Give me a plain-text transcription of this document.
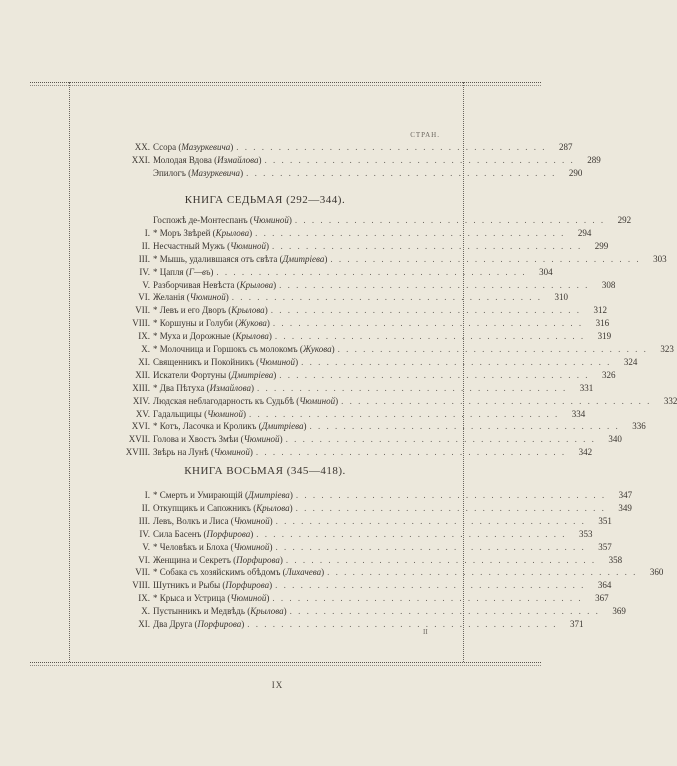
СТРАН.
XX. Ссора (Мазуркевича) . . . . . . . . . . . . . . . . . . . . . . . . . . . . . . . . . . . . .	287
XXI. Молодая Вдова (Измайлова) . . . . . . . . . . . . . . . . . . . . . . . . . . . . . . . . . . . . .	289
Эпилогъ (Мазуркевича) . . . . . . . . . . . . . . . . . . . . . . . . . . . . . . . . . . . . .	290
КНИГА СЕДЬМАЯ (292—344).
Госпожѣ де-Монтеспанъ (Чюминой) . . . . . . . . . . . . . . . . . . . . . . . . . . . . . . . . . . . . .	292
I. * Моръ Звѣрей (Крылова) . . . . . . . . . . . . . . . . . . . . . . . . . . . . . . . . . . . . .	294
II. Несчастный Мужъ (Чюминой) . . . . . . . . . . . . . . . . . . . . . . . . . . . . . . . . . . . . .	299
III. * Мышь, удалившаяся отъ свѣта (Дмитріева) . . . . . . . . . . . . . . . . . . . . . . . . . . . . . . . . . . . . .	303
IV. * Цапля (Г—въ) . . . . . . . . . . . . . . . . . . . . . . . . . . . . . . . . . . . . .	304
V. Разборчивая Невѣста (Крылова) . . . . . . . . . . . . . . . . . . . . . . . . . . . . . . . . . . . . .	308
VI. Желанія (Чюминой) . . . . . . . . . . . . . . . . . . . . . . . . . . . . . . . . . . . . .	310
VII. * Левъ и его Дворъ (Крылова) . . . . . . . . . . . . . . . . . . . . . . . . . . . . . . . . . . . . .	312
VIII. * Коршуны и Голуби (Жукова) . . . . . . . . . . . . . . . . . . . . . . . . . . . . . . . . . . . . .	316
IX. * Муха и Дорожные (Крылова) . . . . . . . . . . . . . . . . . . . . . . . . . . . . . . . . . . . . .	319
X. * Молочница и Горшокъ съ молокомъ (Жукова) . . . . . . . . . . . . . . . . . . . . . . . . . . . . . . . . . . . . .	323
XI. Священникъ и Покойникъ (Чюминой) . . . . . . . . . . . . . . . . . . . . . . . . . . . . . . . . . . . . .	324
XII. Искатели Фортуны (Дмитріева) . . . . . . . . . . . . . . . . . . . . . . . . . . . . . . . . . . . . .	326
XIII. * Два Пѣтуха (Измайлова) . . . . . . . . . . . . . . . . . . . . . . . . . . . . . . . . . . . . .	331
XIV. Людская неблагодарность къ Судьбѣ (Чюминой) . . . . . . . . . . . . . . . . . . . . . . . . . . . . . . . . . . . . .	332
XV. Гадальщицы (Чюминой) . . . . . . . . . . . . . . . . . . . . . . . . . . . . . . . . . . . . .	334
XVI. * Котъ, Ласочка и Кроликъ (Дмитріева) . . . . . . . . . . . . . . . . . . . . . . . . . . . . . . . . . . . . .	336
XVII. Голова и Хвостъ Змѣи (Чюминой) . . . . . . . . . . . . . . . . . . . . . . . . . . . . . . . . . . . . .	340
XVIII. Звѣрь на Лунѣ (Чюминой) . . . . . . . . . . . . . . . . . . . . . . . . . . . . . . . . . . . . .	342
КНИГА ВОСЬМАЯ (345—418).
I. * Смерть и Умирающій (Дмитріева) . . . . . . . . . . . . . . . . . . . . . . . . . . . . . . . . . . . . .	347
II. Откупщикъ и Сапожникъ (Крылова) . . . . . . . . . . . . . . . . . . . . . . . . . . . . . . . . . . . . .	349
III. Левъ, Волкъ и Лиса (Чюминой) . . . . . . . . . . . . . . . . . . . . . . . . . . . . . . . . . . . . .	351
IV. Сила Басенъ (Порфирова) . . . . . . . . . . . . . . . . . . . . . . . . . . . . . . . . . . . . .	353
V. * Человѣкъ и Блоха (Чюминой) . . . . . . . . . . . . . . . . . . . . . . . . . . . . . . . . . . . . .	357
VI. Женщина и Секретъ (Порфирова) . . . . . . . . . . . . . . . . . . . . . . . . . . . . . . . . . . . . .	358
VII. * Собака съ хозяйскимъ обѣдомъ (Лихачева) . . . . . . . . . . . . . . . . . . . . . . . . . . . . . . . . . . . . .	360
VIII. Шутникъ и Рыбы (Порфирова) . . . . . . . . . . . . . . . . . . . . . . . . . . . . . . . . . . . . .	364
IX. * Крыса и Устрица (Чюминой) . . . . . . . . . . . . . . . . . . . . . . . . . . . . . . . . . . . . .	367
X. Пустынникъ и Медвѣдь (Крылова) . . . . . . . . . . . . . . . . . . . . . . . . . . . . . . . . . . . . .	369
XI. Два Друга (Порфирова) . . . . . . . . . . . . . . . . . . . . . . . . . . . . . . . . . . . . .	371
II
IX
